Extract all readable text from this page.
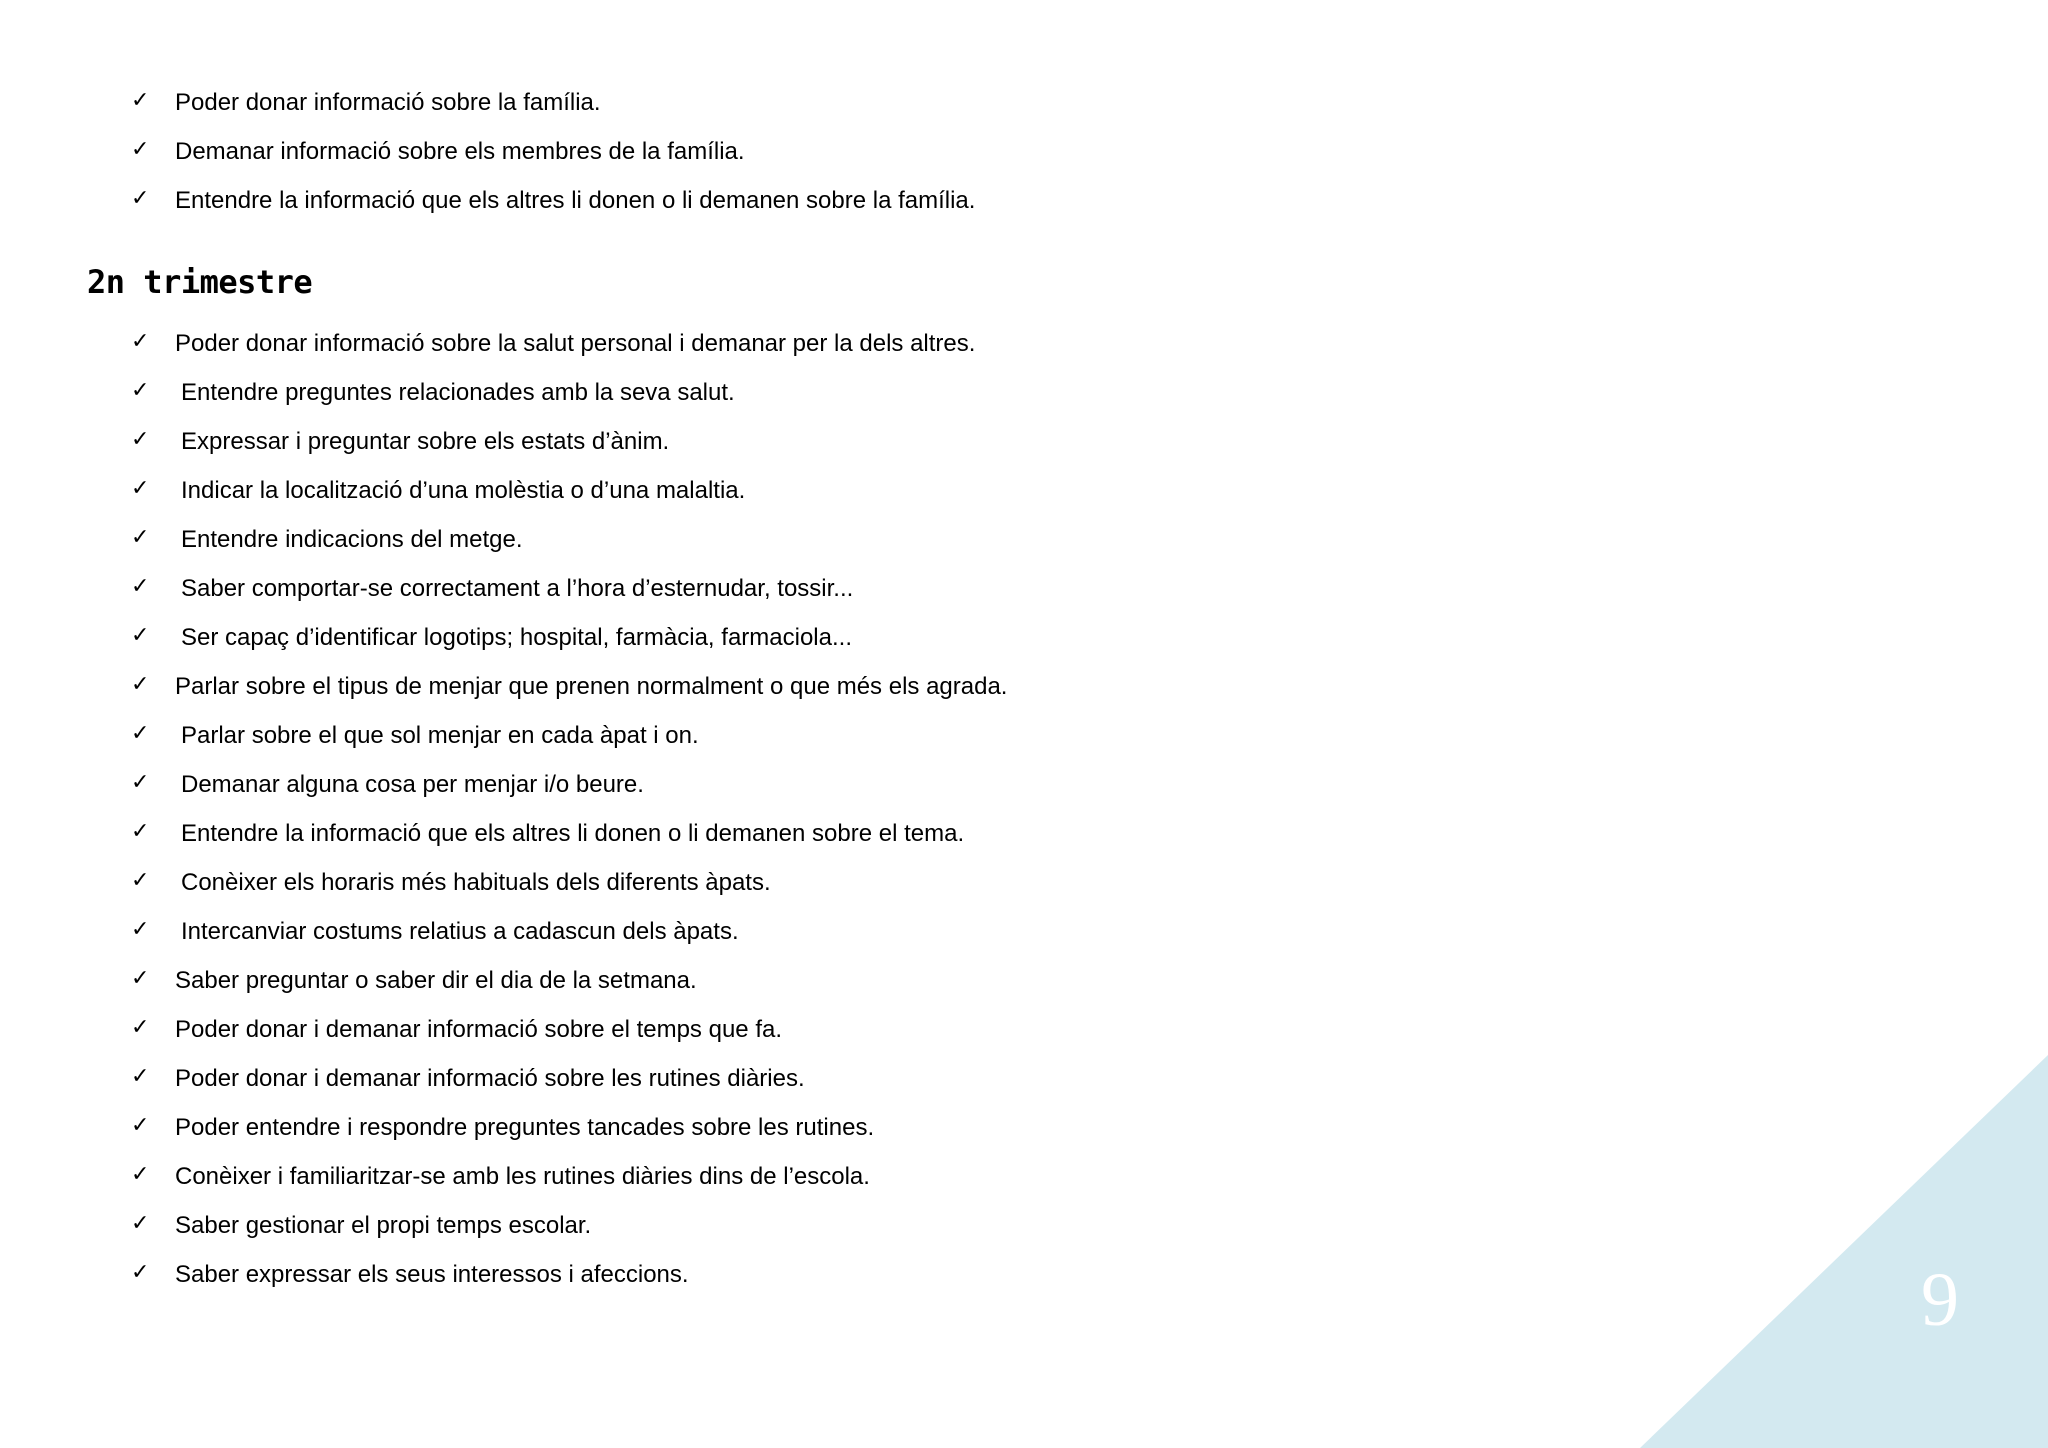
✓	Poder donar informació sobre la família.
✓	Demanar informació sobre els membres de la família.
✓	Entendre la informació que els altres li donen o li demanen sobre la família.
2n trimestre
✓	Poder donar informació sobre la salut personal i demanar per la dels altres.
✓	Entendre preguntes relacionades amb la seva salut.
✓	Expressar i preguntar sobre els estats d’ànim.
✓	Indicar la localització d’una molèstia o d’una malaltia.
✓	Entendre indicacions del metge.
✓	Saber comportar-se correctament a l’hora d’esternudar, tossir...
✓	Ser capaç d’identificar logotips; hospital, farmàcia, farmaciola...
✓	Parlar sobre el tipus de menjar que prenen normalment o que més els agrada.
✓	Parlar sobre el que sol menjar en cada àpat i on.
✓	Demanar alguna cosa per menjar i/o beure.
✓	Entendre la informació que els altres li donen o li demanen sobre el tema.
✓	Conèixer els horaris més habituals dels diferents àpats.
✓	Intercanviar costums relatius a cadascun dels àpats.
✓	Saber preguntar o saber dir el dia de la setmana.
✓	Poder donar i demanar informació sobre el temps que fa.
✓	Poder donar i demanar informació sobre les rutines diàries.
✓	Poder entendre i respondre preguntes tancades sobre les rutines.
✓	Conèixer i familiaritzar-se amb les rutines diàries dins de l’escola.
✓	Saber gestionar el propi temps escolar.
✓	Saber expressar els seus interessos i afeccions.	9
